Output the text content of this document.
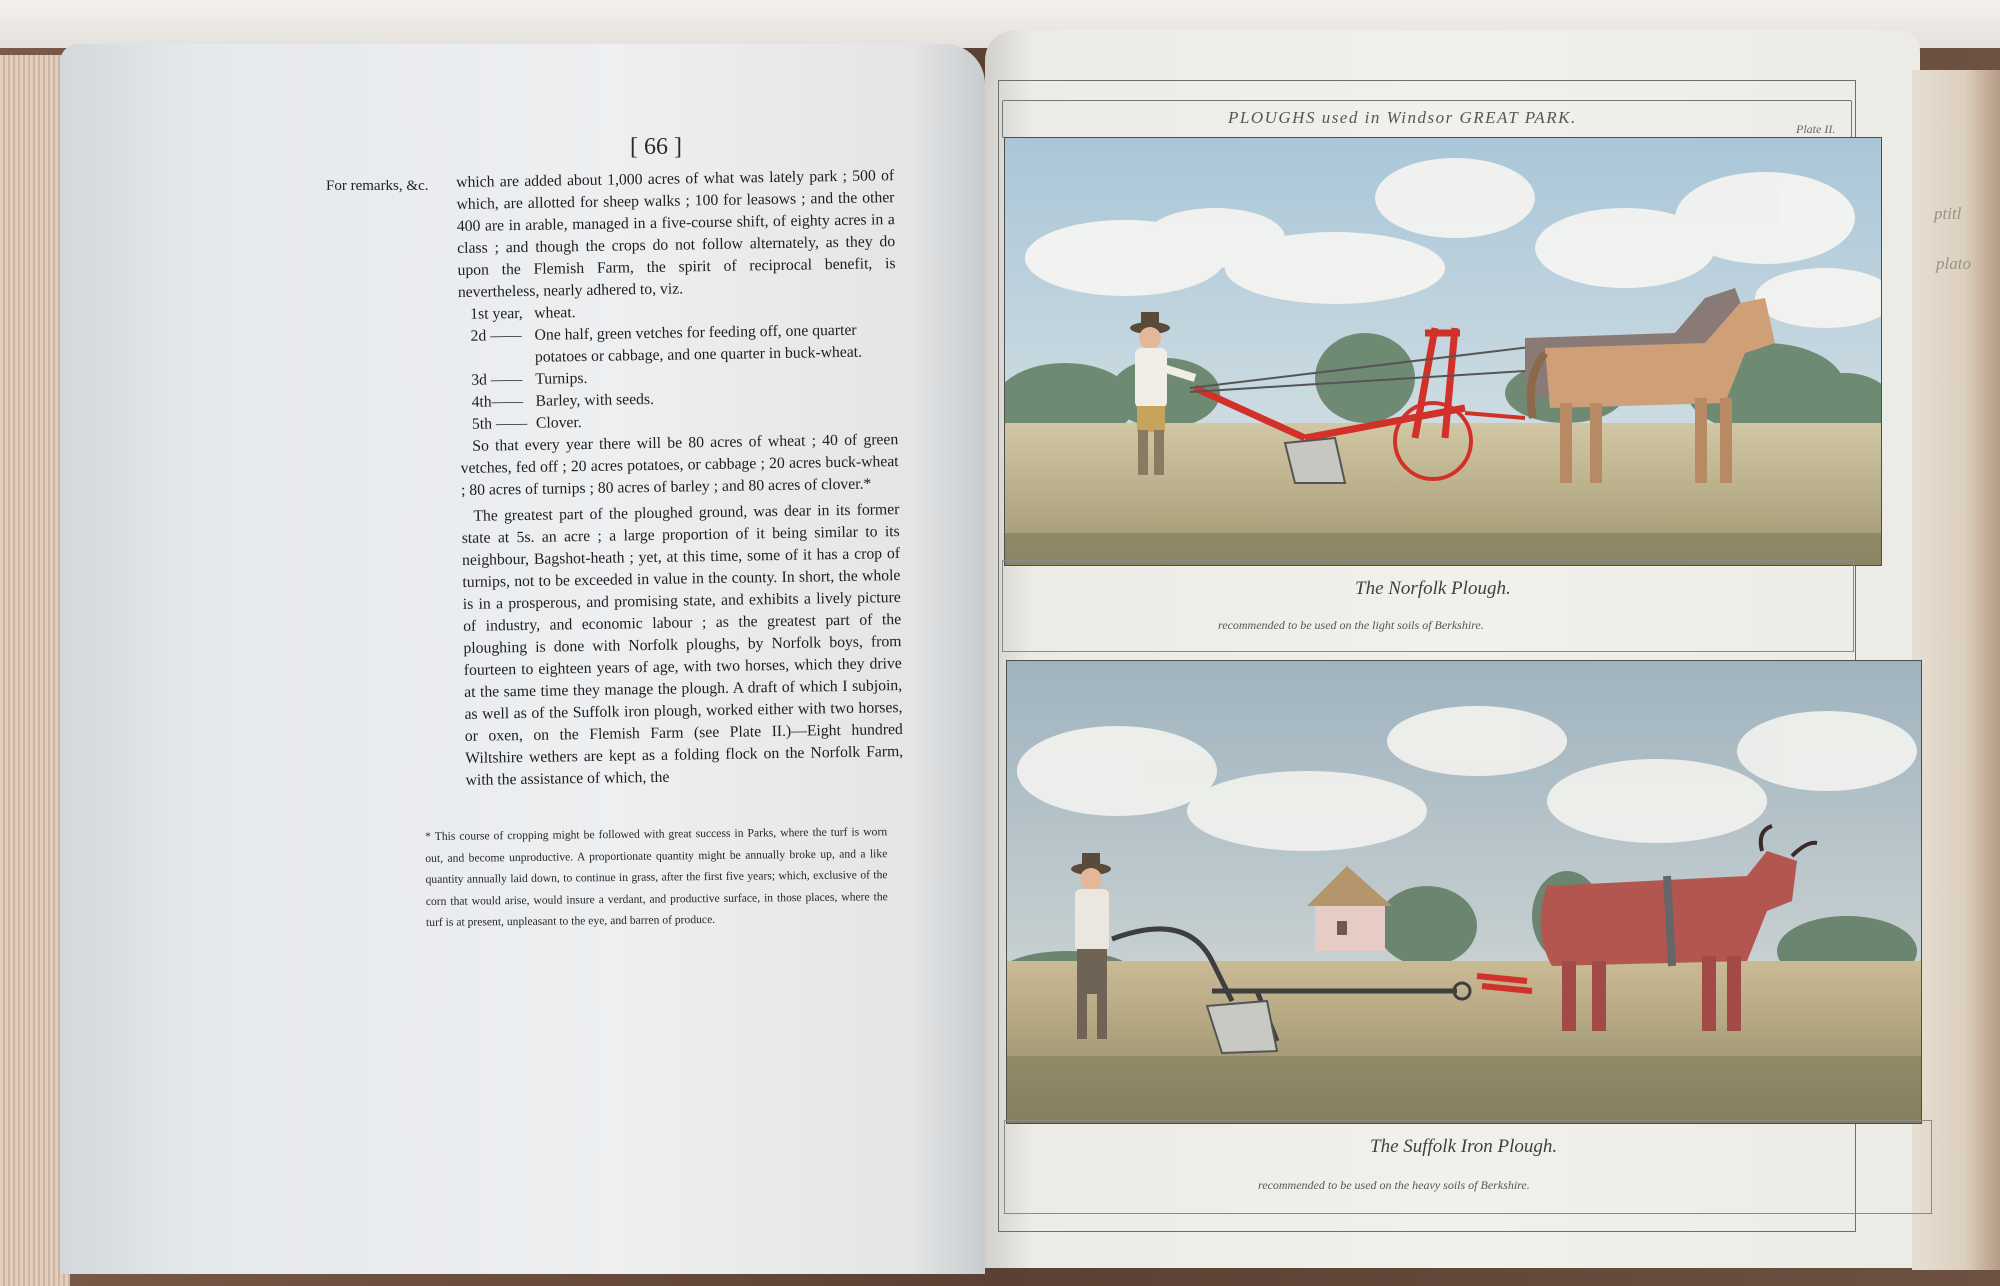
ptitl
plato
[ 66 ]
For remarks, &c. which are added about 1,000 acres of what was lately park ; 500 of which, are allotted for sheep walks ; 100 for leasows ; and the other 400 are in arable, managed in a five-course shift, of eighty acres in a class ; and though the crops do not follow alternately, as they do upon the Flemish Farm, the spirit of reciprocal benefit, is nevertheless, nearly adhered to, viz.

1st year, wheat.
2d —— One half, green vetches for feeding off, one quarter potatoes or cabbage, and one quarter in buck-wheat.
3d —— Turnips.
4th—— Barley, with seeds.
5th —— Clover.

So that every year there will be 80 acres of wheat ; 40 of green vetches, fed off ; 20 acres potatoes, or cabbage ; 20 acres buck-wheat ; 80 acres of turnips ; 80 acres of barley ; and 80 acres of clover.*

The greatest part of the ploughed ground, was dear in its former state at 5s. an acre ; a large proportion of it being similar to its neighbour, Bagshot-heath ; yet, at this time, some of it has a crop of turnips, not to be exceeded in value in the county. In short, the whole is in a prosperous, and promising state, and exhibits a lively picture of industry, and economic labour ; as the greatest part of the ploughing is done with Norfolk ploughs, by Norfolk boys, from fourteen to eighteen years of age, with two horses, which they drive at the same time they manage the plough. A draft of which I subjoin, as well as of the Suffolk iron plough, worked either with two horses, or oxen, on the Flemish Farm (see Plate II.)—Eight hundred Wiltshire wethers are kept as a folding flock on the Norfolk Farm, with the assistance of which, the

* This course of cropping might be followed with great success in Parks, where the turf is worn out, and become unproductive. A proportionate quantity might be annually broke up, and a like quantity annually laid down, to continue in grass, after the first five years; which, exclusive of the corn that would arise, would insure a verdant, and productive surface, in those places, where the turf is at present, unpleasant to the eye, and barren of produce.
PLOUGHS used in Windsor GREAT PARK.
Plate II.
The Norfolk Plough.
recommended to be used on the light soils of Berkshire.
The Suffolk Iron Plough.
recommended to be used on the heavy soils of Berkshire.
